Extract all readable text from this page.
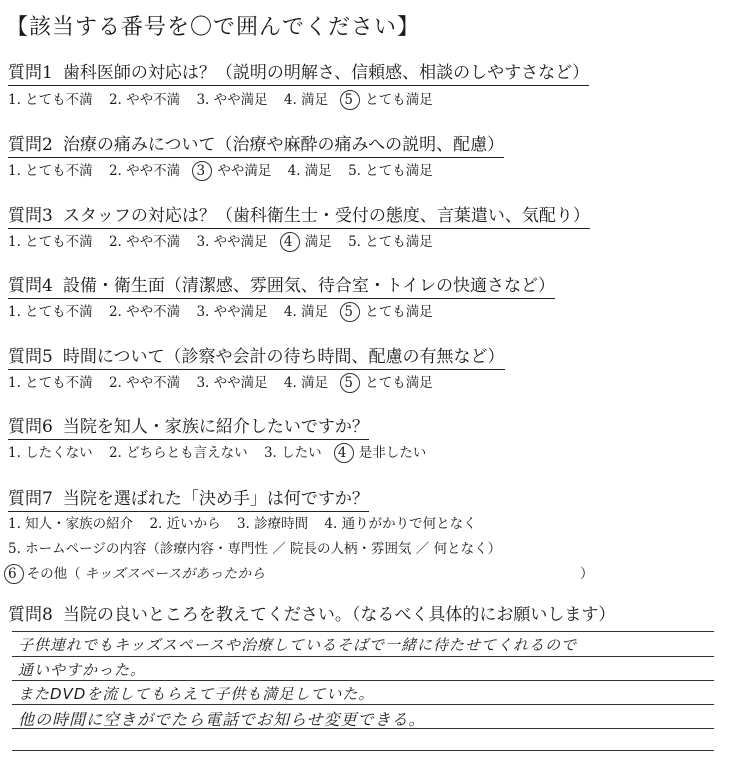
【該当する番号を〇で囲んでください】
質問1 歯科医師の対応は？（説明の明解さ、信頼感、相談のしやすさなど）
1. とても不満 2. やや不満 3. やや満足 4. 満足 5 とても満足
質問2 治療の痛みについて（治療や麻酔の痛みへの説明、配慮）
1. とても不満 2. やや不満 3 やや満足 4. 満足 5. とても満足
質問3 スタッフの対応は？（歯科衛生士・受付の態度、言葉遣い、気配り）
1. とても不満 2. やや不満 3. やや満足 4 満足 5. とても満足
質問4 設備・衛生面（清潔感、雰囲気、待合室・トイレの快適さなど）
1. とても不満 2. やや不満 3. やや満足 4. 満足 5 とても満足
質問5 時間について（診察や会計の待ち時間、配慮の有無など）
1. とても不満 2. やや不満 3. やや満足 4. 満足 5 とても満足
質問6 当院を知人・家族に紹介したいですか？
1. したくない 2. どちらとも言えない 3. したい 4 是非したい
質問7 当院を選ばれた「決め手」は何ですか？
1. 知人・家族の紹介 2. 近いから 3. 診療時間 4. 通りがかりで何となく
5. ホームページの内容（診療内容・専門性 ／ 院長の人柄・雰囲気 ／ 何となく）
6 その他（ キッズスペースがあったから	）
質問8 当院の良いところを教えてください。（なるべく具体的にお願いします）
子供連れでもキッズスペースや治療しているそばで一緒に待たせてくれるので
通いやすかった。
またDVDを流してもらえて子供も満足していた。
他の時間に空きがでたら電話でお知らせ変更できる。
